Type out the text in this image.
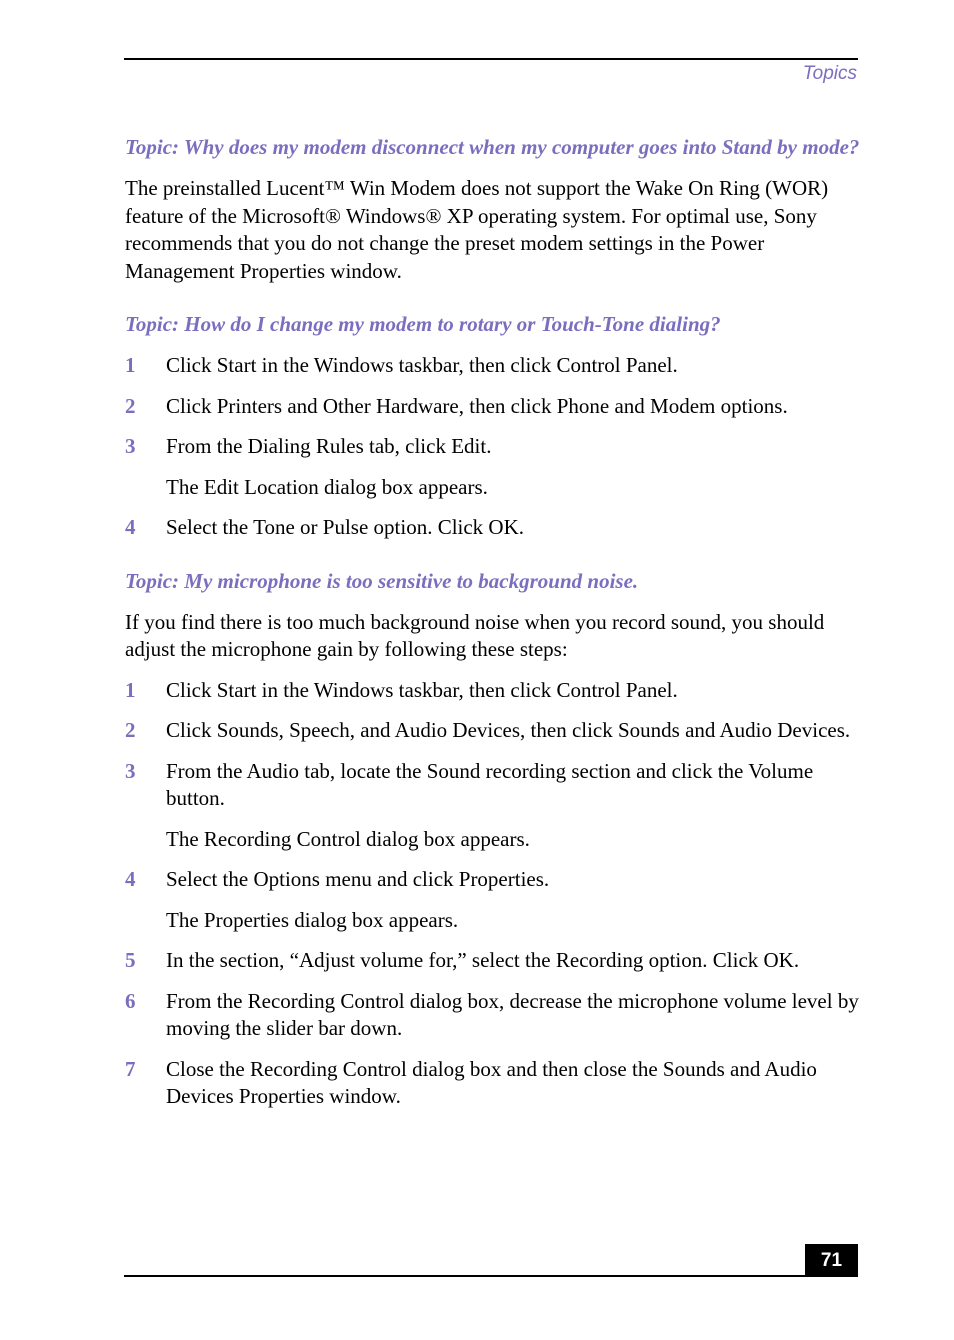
Topics

Topic: Why does my modem disconnect when my computer goes into Stand by mode?

The preinstalled Lucent™ Win Modem does not support the Wake On Ring (WOR) feature of the Microsoft® Windows® XP operating system. For optimal use, Sony recommends that you do not change the preset modem settings in the Power Management Properties window.

Topic: How do I change my modem to rotary or Touch-Tone dialing?

1	Click Start in the Windows taskbar, then click Control Panel.
2	Click Printers and Other Hardware, then click Phone and Modem options.
3	From the Dialing Rules tab, click Edit.
The Edit Location dialog box appears.
4	Select the Tone or Pulse option. Click OK.

Topic: My microphone is too sensitive to background noise.

If you find there is too much background noise when you record sound, you should adjust the microphone gain by following these steps:

1	Click Start in the Windows taskbar, then click Control Panel.
2	Click Sounds, Speech, and Audio Devices, then click Sounds and Audio Devices.
3	From the Audio tab, locate the Sound recording section and click the Volume button.
The Recording Control dialog box appears.
4	Select the Options menu and click Properties.
The Properties dialog box appears.
5	In the section, “Adjust volume for,” select the Recording option. Click OK.
6	From the Recording Control dialog box, decrease the microphone volume level by moving the slider bar down.
7	Close the Recording Control dialog box and then close the Sounds and Audio Devices Properties window.
71
